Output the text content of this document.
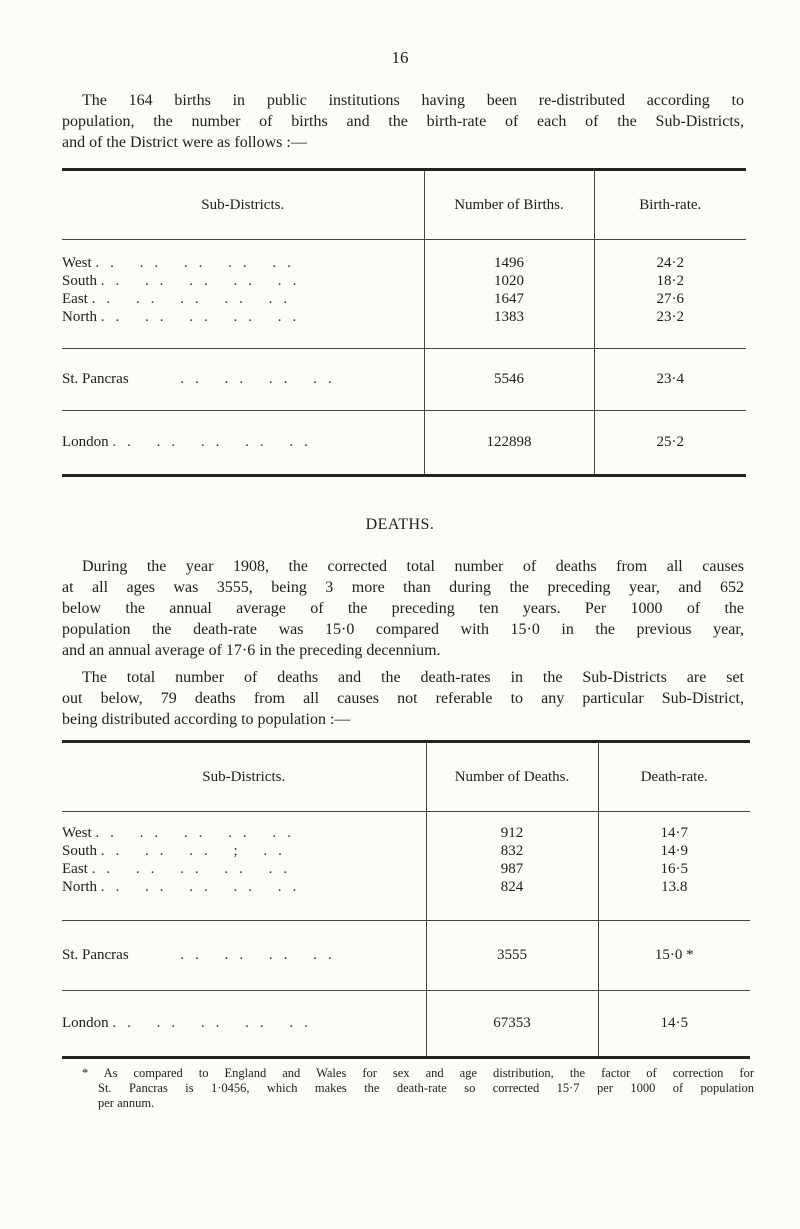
16

The 164 births in public institutions having been re-distributed according to
population, the number of births and the birth-rate of each of the Sub-Districts,
and of the District were as follows :—

Sub-Districts.	Number of Births.	Birth-rate.

West .. .. .. .. ..	1496	24·2
South .. .. .. .. ..	1020	18·2
East .. .. .. .. ..	1647	27·6
North .. .. .. .. ..	1383	23·2

St. Pancras .. .. .. ..	5546	23·4

London .. .. .. .. ..	122898	25·2
DEATHS.

During the year 1908, the corrected total number of deaths from all causes
at all ages was 3555, being 3 more than during the preceding year, and 652
below the annual average of the preceding ten years. Per 1000 of the
population the death-rate was 15·0 compared with 15·0 in the previous year,
and an annual average of 17·6 in the preceding decennium.

The total number of deaths and the death-rates in the Sub-Districts are set
out below, 79 deaths from all causes not referable to any particular Sub-District,
being distributed according to population :—

Sub-Districts.	Number of Deaths.	Death-rate.

West .. .. .. .. ..	912	14·7
South .. .. .. ; ..	832	14·9
East .. .. .. .. ..	987	16·5
North .. .. .. .. ..	824	13.8

St. Pancras .. .. .. ..	3555	15·0 *

London .. .. .. .. ..	67353	14·5
* As compared to England and Wales for sex and age distribution, the factor of correction for
St. Pancras is 1·0456, which makes the death-rate so corrected 15·7 per 1000 of population
per annum.
